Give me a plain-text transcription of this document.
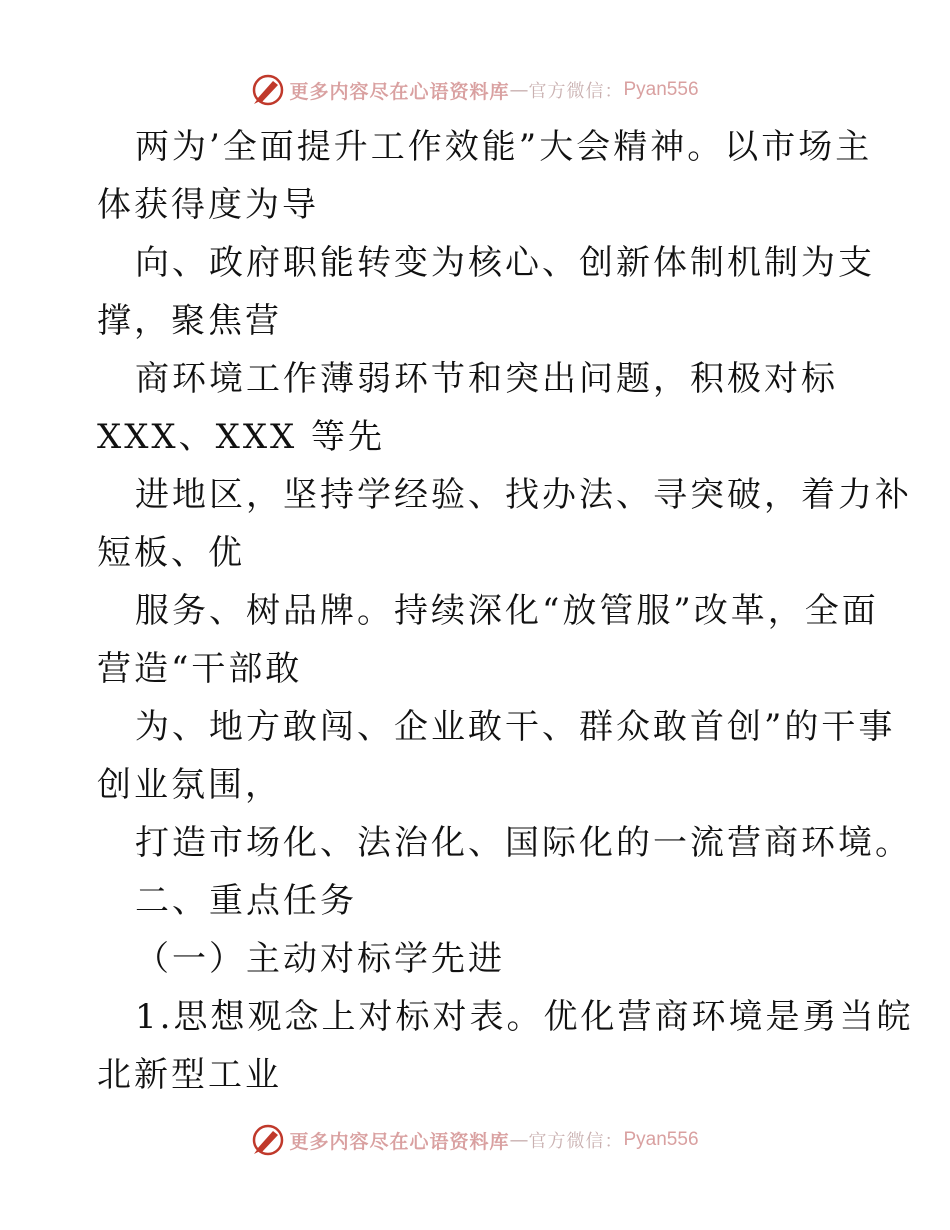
更多内容尽在心语资料库 — 官方微信： Pyan556
两为’全面提升工作效能”大会精神。以市场主
体获得度为导
向、政府职能转变为核心、创新体制机制为支
撑，聚焦营
商环境工作薄弱环节和突出问题，积极对标
XXX、XXX 等先
进地区，坚持学经验、找办法、寻突破，着力补
短板、优
服务、树品牌。持续深化“放管服”改革，全面
营造“干部敢
为、地方敢闯、企业敢干、群众敢首创”的干事
创业氛围，
打造市场化、法治化、国际化的一流营商环境。
二、重点任务
（一）主动对标学先进
1.思想观念上对标对表。优化营商环境是勇当皖
北新型工业
更多内容尽在心语资料库 — 官方微信： Pyan556
